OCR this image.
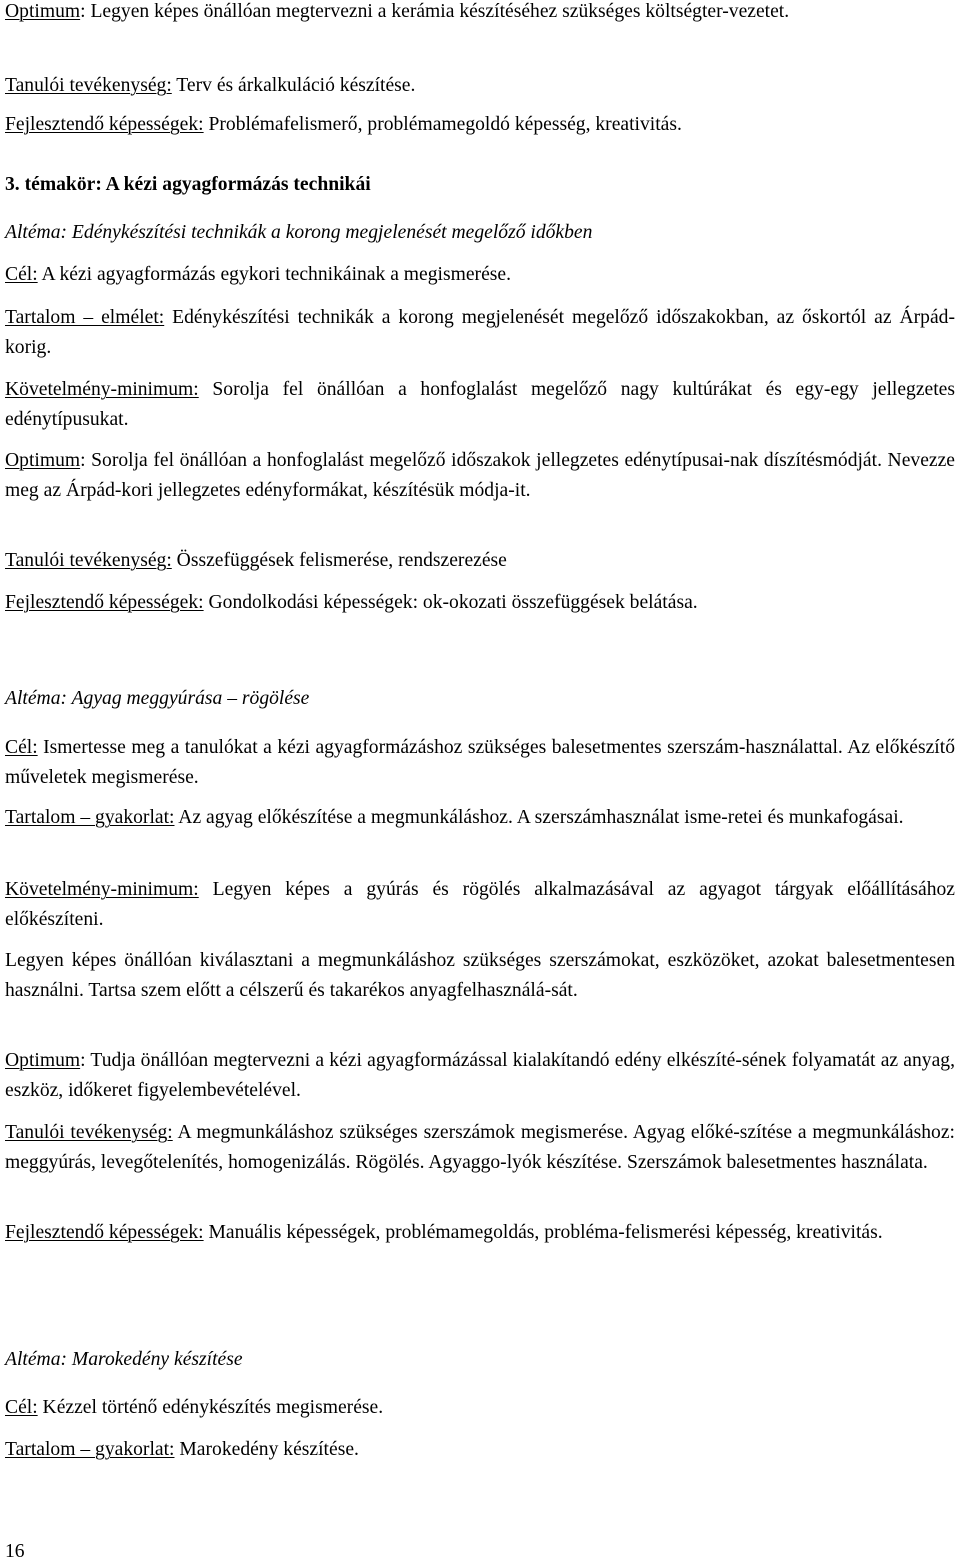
Optimum: Legyen képes önállóan megtervezni a kerámia készítéséhez szükséges költségter-vezetet.

Tanulói tevékenység: Terv és árkalkuláció készítése.

Fejlesztendő képességek: Problémafelismerő, problémamegoldó képesség, kreativitás.

3. témakör: A kézi agyagformázás technikái

Altéma: Edénykészítési technikák a korong megjelenését megelőző időkben

Cél: A kézi agyagformázás egykori technikáinak a megismerése.

Tartalom – elmélet: Edénykészítési technikák a korong megjelenését megelőző időszakokban, az őskortól az Árpád-korig.

Követelmény-minimum: Sorolja fel önállóan a honfoglalást megelőző nagy kultúrákat és egy-egy jellegzetes edénytípusukat.

Optimum: Sorolja fel önállóan a honfoglalást megelőző időszakok jellegzetes edénytípusai-nak díszítésmódját. Nevezze meg az Árpád-kori jellegzetes edényformákat, készítésük módja-it.

Tanulói tevékenység: Összefüggések felismerése, rendszerezése

Fejlesztendő képességek: Gondolkodási képességek: ok-okozati összefüggések belátása.

Altéma: Agyag meggyúrása – rögölése

Cél: Ismertesse meg a tanulókat a kézi agyagformázáshoz szükséges balesetmentes szerszám-használattal. Az előkészítő műveletek megismerése.

Tartalom – gyakorlat: Az agyag előkészítése a megmunkáláshoz. A szerszámhasználat isme-retei és munkafogásai.

Követelmény-minimum: Legyen képes a gyúrás és rögölés alkalmazásával az agyagot tárgyak előállításához előkészíteni.

Legyen képes önállóan kiválasztani a megmunkáláshoz szükséges szerszámokat, eszközöket, azokat balesetmentesen használni. Tartsa szem előtt a célszerű és takarékos anyagfelhasználá-sát.

Optimum: Tudja önállóan megtervezni a kézi agyagformázással kialakítandó edény elkészíté-sének folyamatát az anyag, eszköz, időkeret figyelembevételével.

Tanulói tevékenység: A megmunkáláshoz szükséges szerszámok megismerése. Agyag előké-szítése a megmunkáláshoz: meggyúrás, levegőtelenítés, homogenizálás. Rögölés. Agyaggo-lyók készítése. Szerszámok balesetmentes használata.

Fejlesztendő képességek: Manuális képességek, problémamegoldás, probléma-felismerési képesség, kreativitás.

Altéma: Marokedény készítése

Cél: Kézzel történő edénykészítés megismerése.

Tartalom – gyakorlat: Marokedény készítése.

16
